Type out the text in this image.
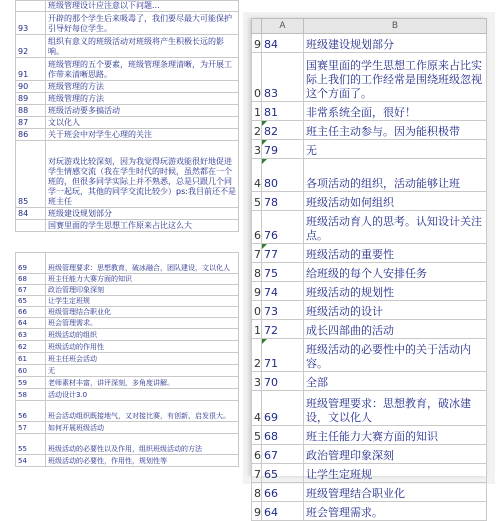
	班级管理设计应注意以下问题...
93	开辟的那个学生后来吸毒了，我们要尽最大可能保护引导好每位学生。
92	组织有意义的班级活动对班级将产生积极长远的影响。
91	班级管理的五个要素，班级管理条理清晰，为开展工作带来清晰思路。
90	班级管理的方法
89	班级管理的方法
88	班级活动要多搞活动
87	文以化人
86	关于班会中对学生心理的关注
85	对玩游戏比较深刻，因为我觉得玩游戏能很好地促进学生情感交流（我在学生时代的时候，虽然都在一个班的，但很多同学实际上并不熟悉，总是只跟几个同学一起玩，其他的同学交流比较少）ps:我目前还不是班主任
84	班级建设规划部分
	国赛里面的学生思想工作原来占比这么大
69	班级管理要求：思想教育，破冰融合，团队建设，文以化人
68	班主任能力大赛方面的知识
67	政治管理印象深刻
65	让学生定班规
66	班级管理结合职业化
64	班会管理需求。
63	班级活动的组织
62	班级活动的作用性
61	班主任班会活动
60	无
59	老师素材丰富，讲评深刻，多角度讲解。
58	活动设计3.0
56	班会活动组织既接地气，又对接比赛，有创新，启发很大。
57	如何开展班级活动
55	班级活动的必要性以及作用，组织班级活动的方法
54	班级活动的必要性，作用性，规划性等
	A	B
9	84	班级建设规划部分
0	83	国赛里面的学生思想工作原来占比实际上我们的工作经常是围绕班级忽视这个方面了。
1	81	非常系统全面，很好！
2	82	班主任主动参与。因为能积极带
3	79	无
4	80	各项活动的组织，活动能够让班
5	78	班级活动如何组织
6	76	班级活动育人的思考。认知设计关注点。
7	77	班级活动的重要性
8	75	给班级的每个人安排任务
9	74	班级活动的规划性
0	73	班级活动的设计
1	72	成长四部曲的活动
2	71	班级活动的必要性中的关于活动内容。
3	70	全部
4	69	班级管理要求：思想教育，破冰建设，文以化人
5	68	班主任能力大赛方面的知识
6	67	政治管理印象深刻
7	65	让学生定班规
8	66	班级管理结合职业化
9	64	班会管理需求。
